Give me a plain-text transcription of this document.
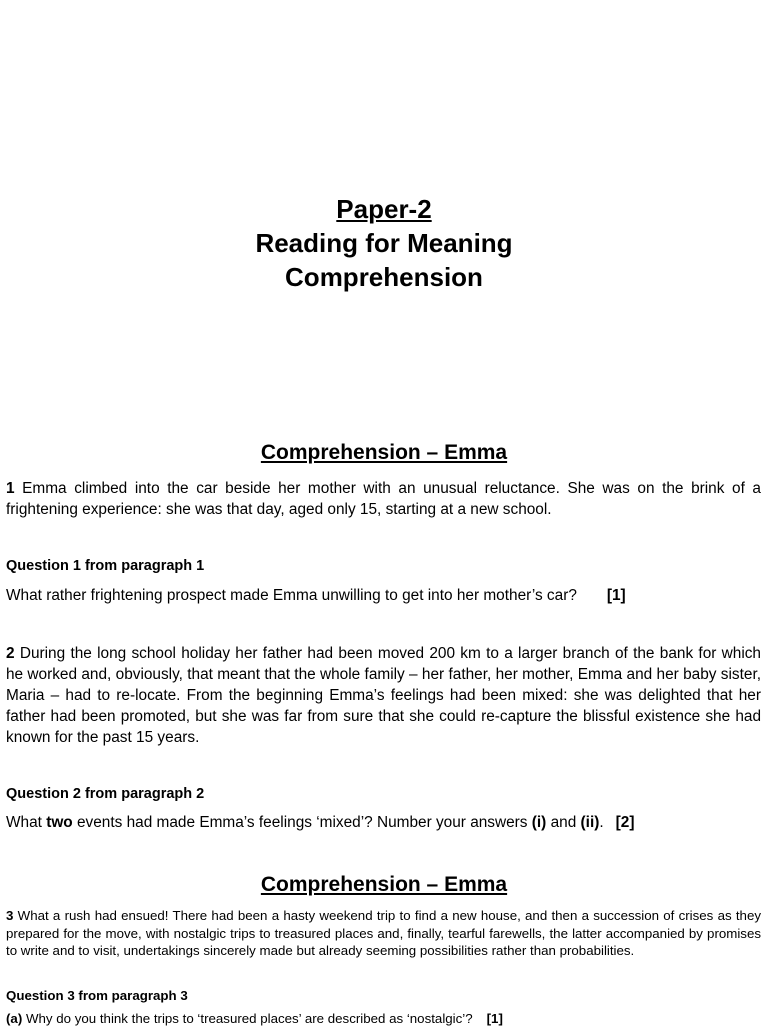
Paper-2
Reading for Meaning
Comprehension
Comprehension – Emma
1 Emma climbed into the car beside her mother with an unusual reluctance. She was on the brink of a frightening experience: she was that day, aged only 15, starting at a new school.
Question 1 from paragraph 1
What rather frightening prospect made Emma unwilling to get into her mother’s car? [1]
2 During the long school holiday her father had been moved 200 km to a larger branch of the bank for which he worked and, obviously, that meant that the whole family – her father, her mother, Emma and her baby sister, Maria – had to re-locate. From the beginning Emma’s feelings had been mixed: she was delighted that her father had been promoted, but she was far from sure that she could re-capture the blissful existence she had known for the past 15 years.
Question 2 from paragraph 2
What two events had made Emma’s feelings ‘mixed’? Number your answers (i) and (ii). [2]
Comprehension – Emma
3 What a rush had ensued! There had been a hasty weekend trip to find a new house, and then a succession of crises as they prepared for the move, with nostalgic trips to treasured places and, finally, tearful farewells, the latter accompanied by promises to write and to visit, undertakings sincerely made but already seeming possibilities rather than probabilities.
Question 3 from paragraph 3
(a) Why do you think the trips to ‘treasured places’ are described as ‘nostalgic’? [1]
